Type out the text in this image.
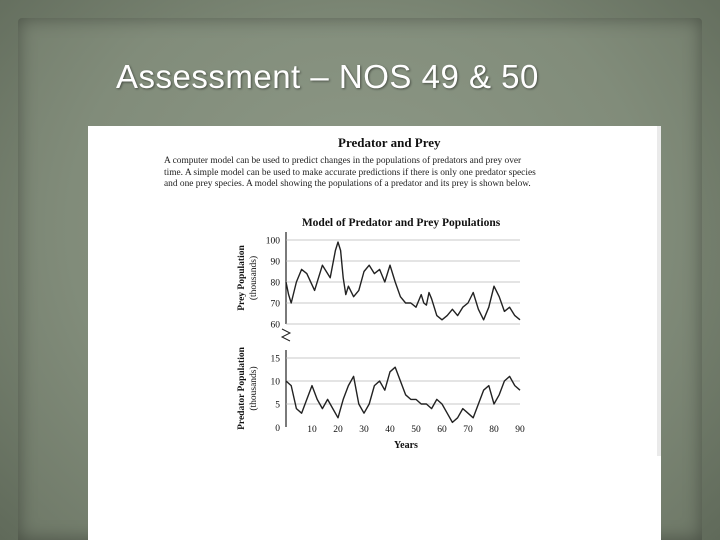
Assessment – NOS 49 & 50
Predator and Prey
A computer model can be used to predict changes in the populations of predators and prey over
time. A simple model can be used to make accurate predictions if there is only one predator species
and one prey species. A model showing the populations of a predator and its prey is shown below.
Model of Predator and Prey Populations
100
90
80
70
60
Prey Population (thousands)
15
10
5
Predator Population (thousands)
0	10 20 30 40 50 60 70 80 90
Years
